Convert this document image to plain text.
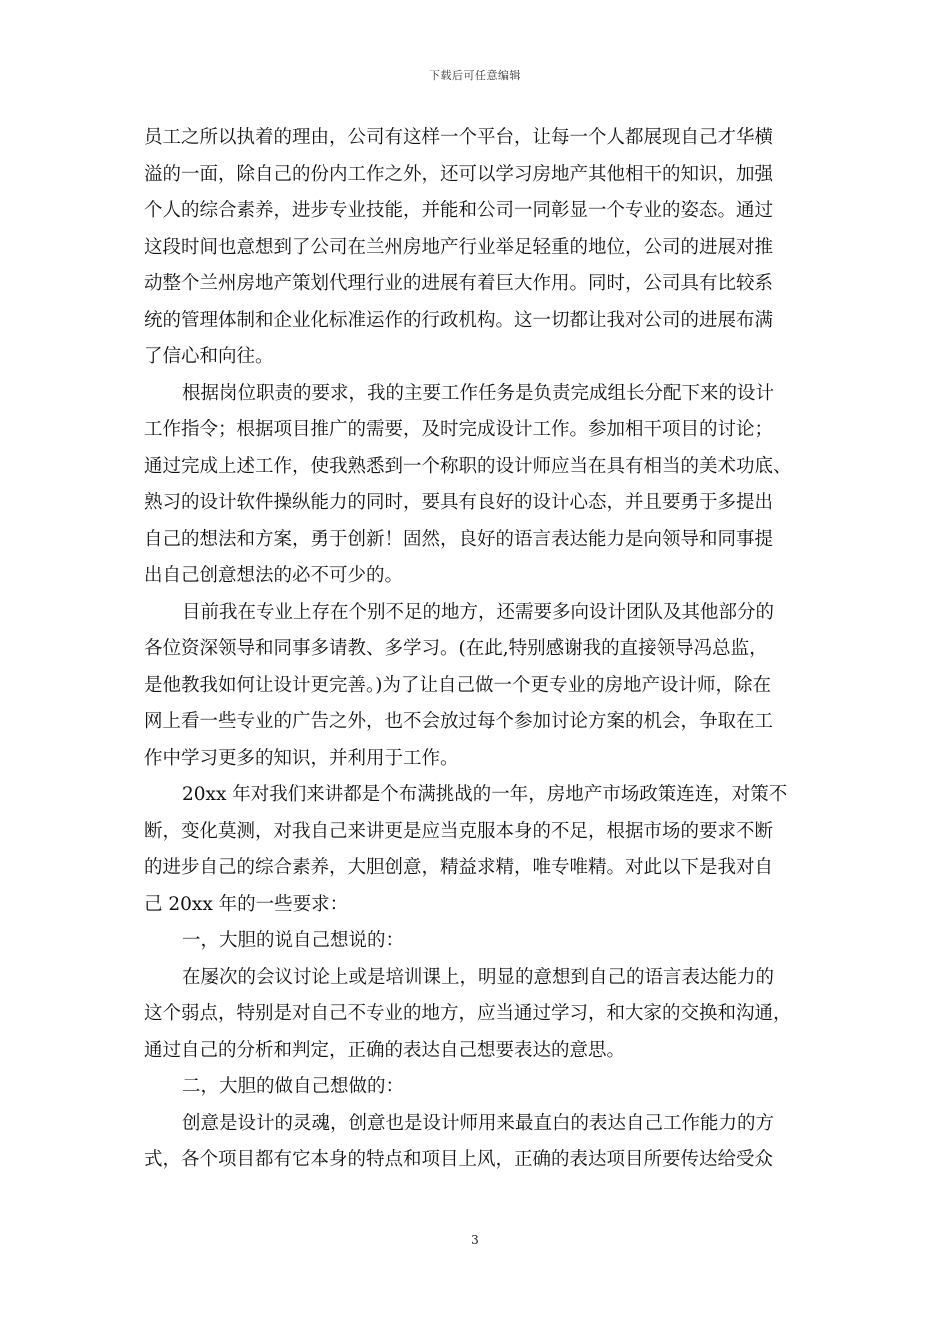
下载后可任意编辑
员工之所以执着的理由，公司有这样一个平台，让每一个人都展现自己才华横
溢的一面，除自己的份内工作之外，还可以学习房地产其他相干的知识，加强
个人的综合素养，进步专业技能，并能和公司一同彰显一个专业的姿态。通过
这段时间也意想到了公司在兰州房地产行业举足轻重的地位，公司的进展对推
动整个兰州房地产策划代理行业的进展有着巨大作用。同时，公司具有比较系
统的管理体制和企业化标准运作的行政机构。这一切都让我对公司的进展布满
了信心和向往。
根据岗位职责的要求，我的主要工作任务是负责完成组长分配下来的设计
工作指令；根据项目推广的需要，及时完成设计工作。参加相干项目的讨论；
通过完成上述工作，使我熟悉到一个称职的设计师应当在具有相当的美术功底、
熟习的设计软件操纵能力的同时，要具有良好的设计心态，并且要勇于多提出
自己的想法和方案，勇于创新！固然，良好的语言表达能力是向领导和同事提
出自己创意想法的必不可少的。
目前我在专业上存在个别不足的地方，还需要多向设计团队及其他部分的
各位资深领导和同事多请教、多学习。(在此,特别感谢我的直接领导冯总监，
是他教我如何让设计更完善。)为了让自己做一个更专业的房地产设计师，除在
网上看一些专业的广告之外，也不会放过每个参加讨论方案的机会，争取在工
作中学习更多的知识，并利用于工作。
20xx 年对我们来讲都是个布满挑战的一年，房地产市场政策连连，对策不
断，变化莫测，对我自己来讲更是应当克服本身的不足，根据市场的要求不断
的进步自己的综合素养，大胆创意，精益求精，唯专唯精。对此以下是我对自
己 20xx 年的一些要求：
一，大胆的说自己想说的：
在屡次的会议讨论上或是培训课上，明显的意想到自己的语言表达能力的
这个弱点，特别是对自己不专业的地方，应当通过学习，和大家的交换和沟通，
通过自己的分析和判定，正确的表达自己想要表达的意思。
二，大胆的做自己想做的：
创意是设计的灵魂，创意也是设计师用来最直白的表达自己工作能力的方
式，各个项目都有它本身的特点和项目上风，正确的表达项目所要传达给受众
3
